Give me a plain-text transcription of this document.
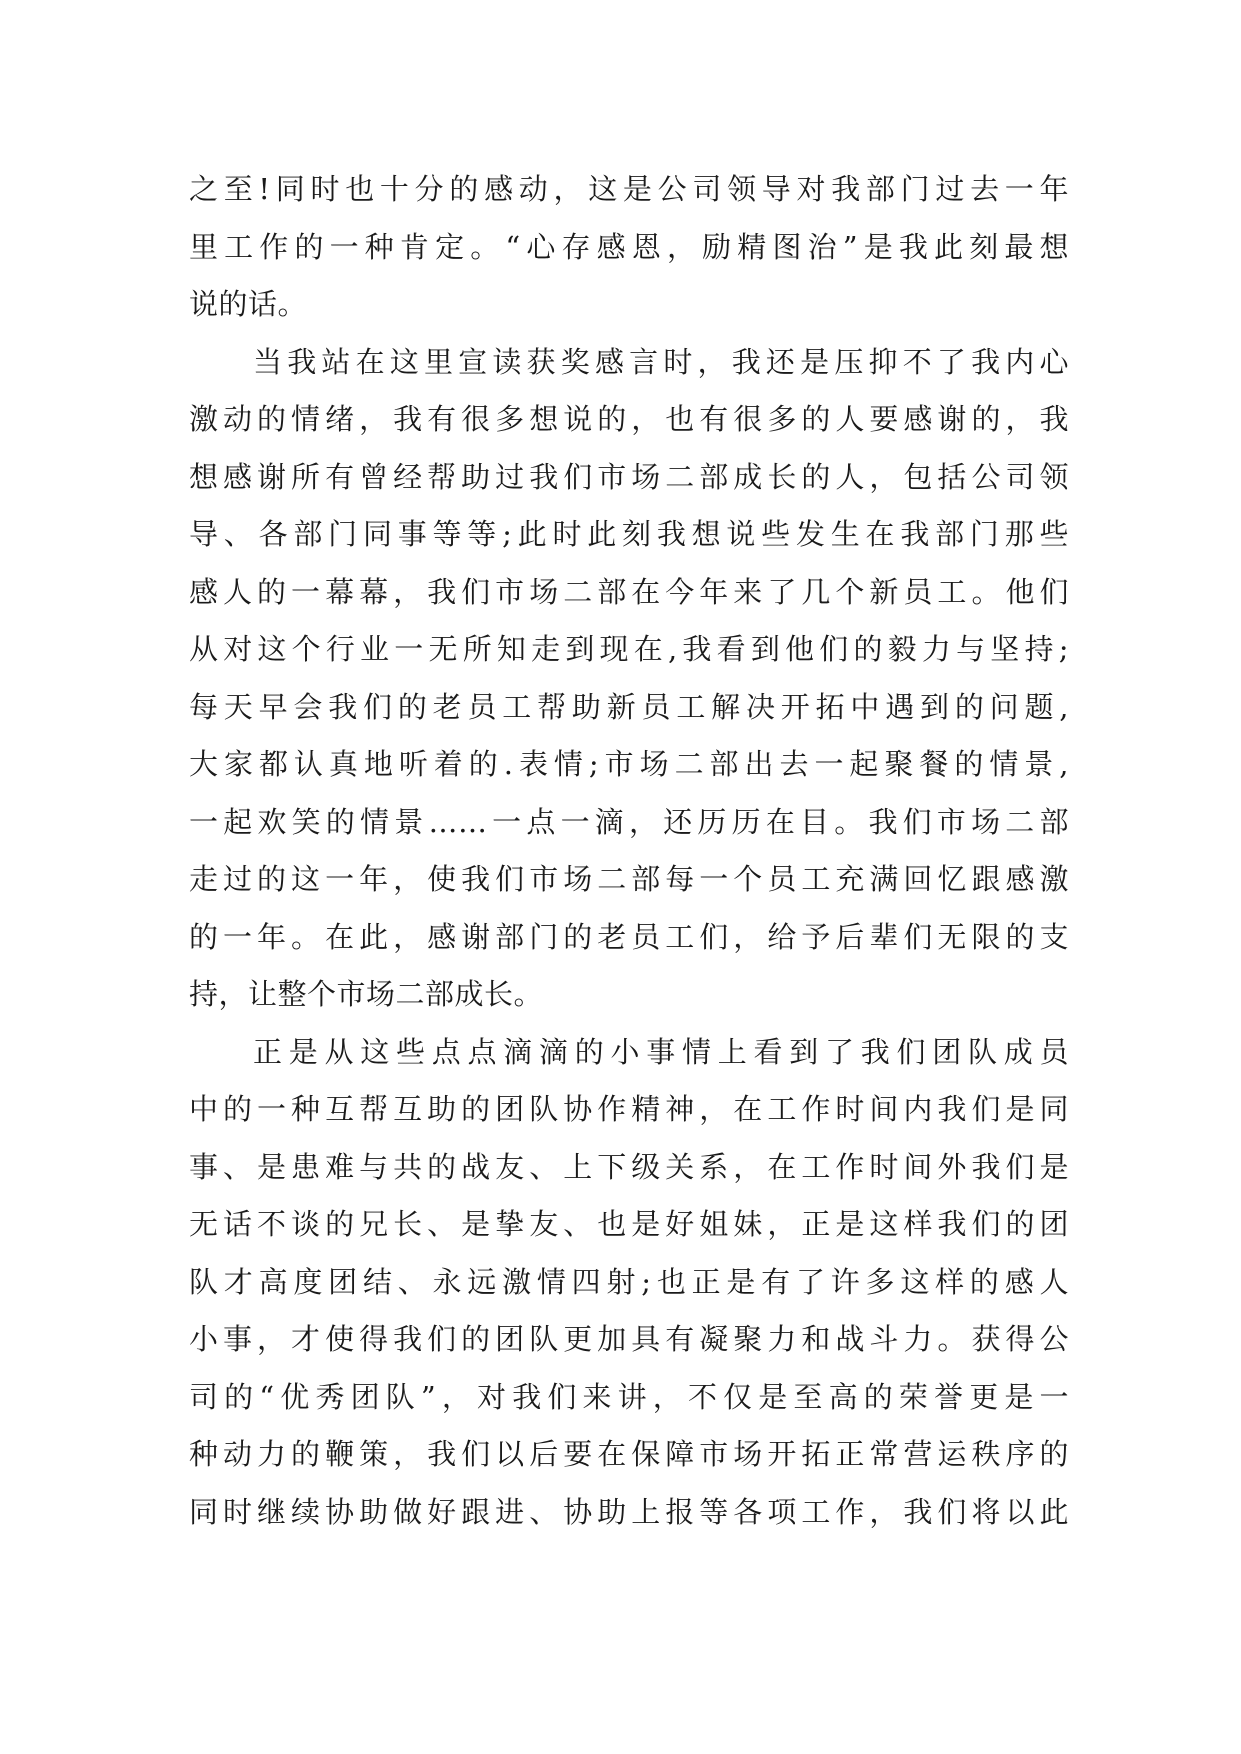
之至!同时也十分的感动，这是公司领导对我部门过去一年
里工作的一种肯定。“心存感恩，励精图治”是我此刻最想
说的话。
当我站在这里宣读获奖感言时，我还是压抑不了我内心
激动的情绪，我有很多想说的，也有很多的人要感谢的，我
想感谢所有曾经帮助过我们市场二部成长的人，包括公司领
导、各部门同事等等;此时此刻我想说些发生在我部门那些
感人的一幕幕，我们市场二部在今年来了几个新员工。他们
从对这个行业一无所知走到现在,我看到他们的毅力与坚持;
每天早会我们的老员工帮助新员工解决开拓中遇到的问题,
大家都认真地听着的.表情;市场二部出去一起聚餐的情景,
一起欢笑的情景……一点一滴，还历历在目。我们市场二部
走过的这一年，使我们市场二部每一个员工充满回忆跟感激
的一年。在此，感谢部门的老员工们，给予后辈们无限的支
持，让整个市场二部成长。
正是从这些点点滴滴的小事情上看到了我们团队成员
中的一种互帮互助的团队协作精神，在工作时间内我们是同
事、是患难与共的战友、上下级关系，在工作时间外我们是
无话不谈的兄长、是挚友、也是好姐妹，正是这样我们的团
队才高度团结、永远激情四射;也正是有了许多这样的感人
小事，才使得我们的团队更加具有凝聚力和战斗力。获得公
司的“优秀团队”，对我们来讲，不仅是至高的荣誉更是一
种动力的鞭策，我们以后要在保障市场开拓正常营运秩序的
同时继续协助做好跟进、协助上报等各项工作，我们将以此
